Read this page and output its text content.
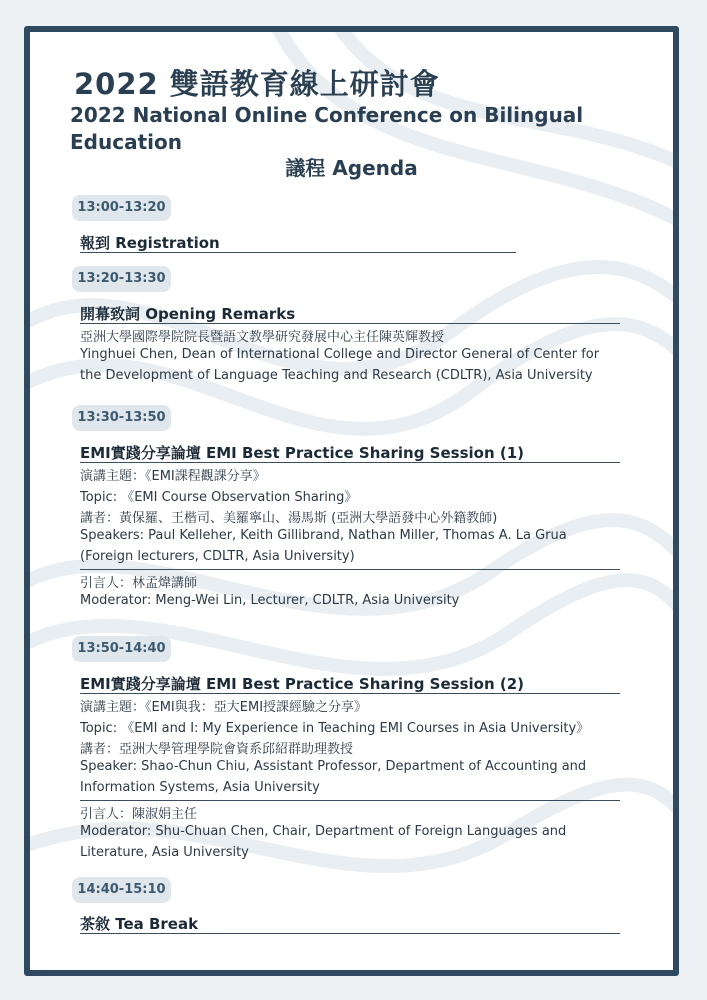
2022 雙語教育線上研討會
2022 National Online Conference on Bilingual Education
議程 Agenda
13:00-13:20
報到 Registration
13:20-13:30
開幕致詞 Opening Remarks
亞洲大學國際學院院長暨語文教學研究發展中心主任陳英輝教授
Yinghuei Chen, Dean of International College and Director General of Center for
the Development of Language Teaching and Research (CDLTR), Asia University
13:30-13:50
EMI實踐分享論壇 EMI Best Practice Sharing Session (1)
演講主題：《EMI課程觀課分享》
Topic: 《EMI Course Observation Sharing》
講者：黃保羅、王楷司、美羅寧山、湯馬斯 (亞洲大學語發中心外籍教師)
Speakers: Paul Kelleher, Keith Gillibrand, Nathan Miller, Thomas A. La Grua
(Foreign lecturers, CDLTR, Asia University)
引言人：林孟煒講師
Moderator: Meng-Wei Lin, Lecturer, CDLTR, Asia University
13:50-14:40
EMI實踐分享論壇 EMI Best Practice Sharing Session (2)
演講主題：《EMI與我：亞大EMI授課經驗之分享》
Topic: 《EMI and I: My Experience in Teaching EMI Courses in Asia University》
講者：亞洲大學管理學院會資系邱紹群助理教授
Speaker: Shao-Chun Chiu, Assistant Professor, Department of Accounting and
Information Systems, Asia University
引言人：陳淑娟主任
Moderator: Shu-Chuan Chen, Chair, Department of Foreign Languages and
Literature, Asia University
14:40-15:10
茶敘 Tea Break
